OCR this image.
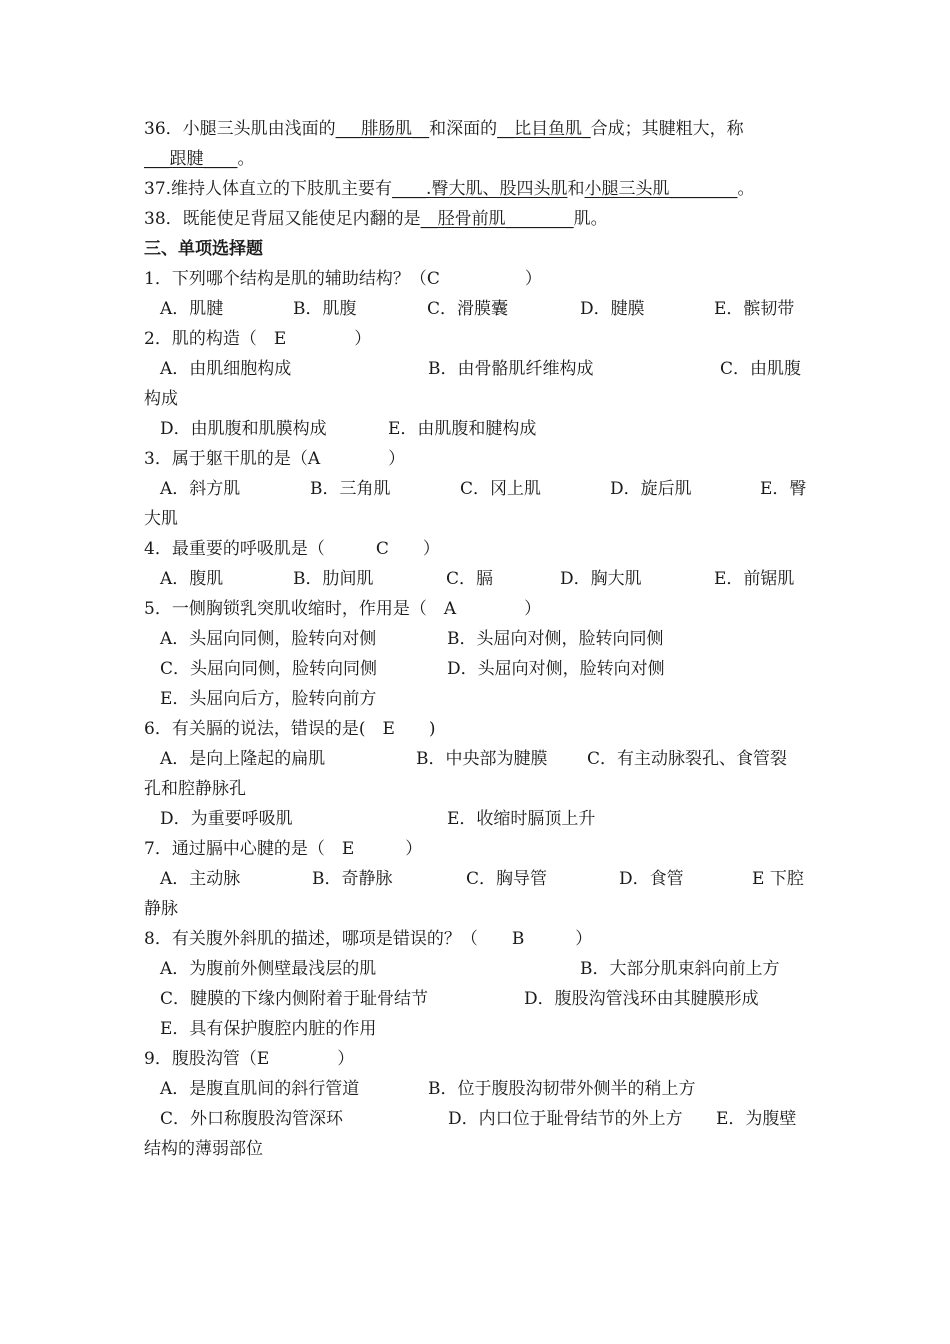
36．小腿三头肌由浅面的___腓肠肌__和深面的__比目鱼肌_合成；其腱粗大，称
___跟腱____。
37.维持人体直立的下肢肌主要有____.臀大肌、股四头肌和小腿三头肌________。
38．既能使足背屈又能使足内翻的是__胫骨前肌________肌。
三、单项选择题
1．下列哪个结构是肌的辅助结构？（C　　　　　）
A．肌腱	B．肌腹	C．滑膜囊	D．腱膜	E．髌韧带
2．肌的构造（　E　　　　）
A．由肌细胞构成	B．由骨骼肌纤维构成	C．由肌腹
构成
D．由肌腹和肌膜构成	E．由肌腹和腱构成
3．属于躯干肌的是（A　　　　）
A．斜方肌	B．三角肌	C．冈上肌	D．旋后肌	E．臀
大肌
4．最重要的呼吸肌是（　　　C　　）
A．腹肌	B．肋间肌	C．膈	D．胸大肌	E．前锯肌
5．一侧胸锁乳突肌收缩时，作用是（　A　　　　）
A．头屈向同侧，脸转向对侧	B．头屈向对侧，脸转向同侧
C．头屈向同侧，脸转向同侧	D．头屈向对侧，脸转向对侧
E．头屈向后方，脸转向前方
6．有关膈的说法，错误的是(　E　　)
A．是向上隆起的扁肌	B．中央部为腱膜 C．有主动脉裂孔、食管裂
孔和腔静脉孔
D．为重要呼吸肌	E．收缩时膈顶上升
7．通过膈中心腱的是（　E　　　）
A．主动脉	B．奇静脉	C．胸导管	D．食管	E 下腔
静脉
8．有关腹外斜肌的描述，哪项是错误的？（　　B　　　）
A．为腹前外侧壁最浅层的肌	B．大部分肌束斜向前上方
C．腱膜的下缘内侧附着于耻骨结节	D．腹股沟管浅环由其腱膜形成
E．具有保护腹腔内脏的作用
9．腹股沟管（E　　　　）
A．是腹直肌间的斜行管道	B．位于腹股沟韧带外侧半的稍上方
C．外口称腹股沟管深环	D．内口位于耻骨结节的外上方 E．为腹壁
结构的薄弱部位
